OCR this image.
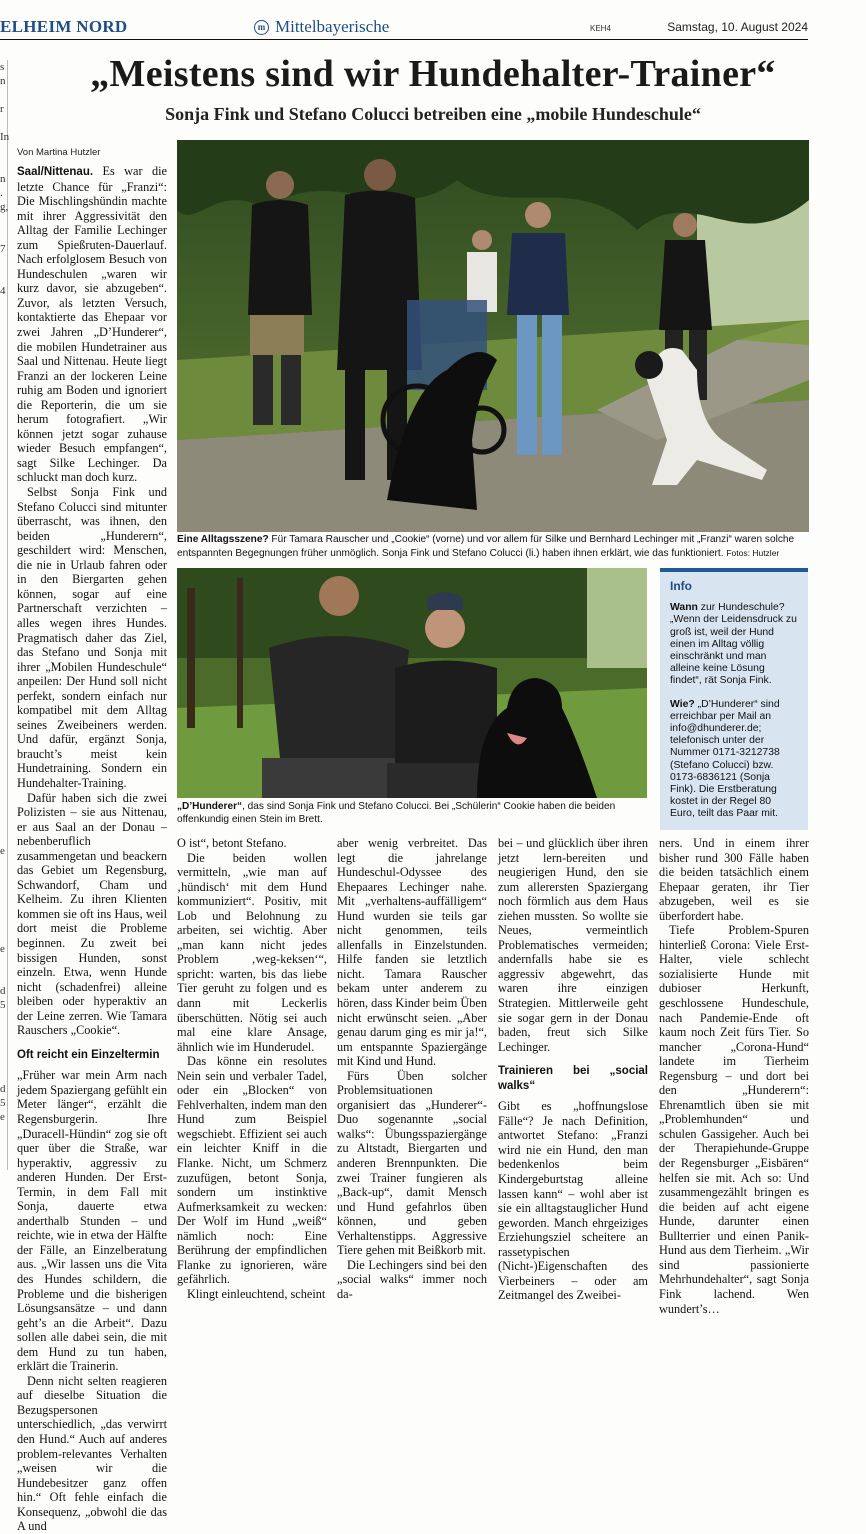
ELHEIM NORD	m Mittelbayerische	KEH4	Samstag, 10. August 2024
s n

r

In

n
.
g,

7

4

e

e

d
5

d
5
e
„Meistens sind wir Hundehalter-Trainer“
Sonja Fink und Stefano Colucci betreiben eine „mobile Hundeschule“
Von Martina Hutzler

Saal/Nittenau. Es war die letzte Chance für „Franzi“: Die Mischlingshündin machte mit ihrer Aggressivität den Alltag der Familie Lechinger zum Spießruten-Dauerlauf. Nach erfolglosem Besuch von Hundeschulen „waren wir kurz davor, sie abzugeben“. Zuvor, als letzten Versuch, kontaktierte das Ehepaar vor zwei Jahren „D’Hunderer“, die mobilen Hundetrainer aus Saal und Nittenau. Heute liegt Franzi an der lockeren Leine ruhig am Boden und ignoriert die Reporterin, die um sie herum fotografiert. „Wir können jetzt sogar zuhause wieder Besuch empfangen“, sagt Silke Lechinger. Da schluckt man doch kurz.

Selbst Sonja Fink und Stefano Colucci sind mitunter überrascht, was ihnen, den beiden „Hunderern“, geschildert wird: Menschen, die nie in Urlaub fahren oder in den Biergarten gehen können, sogar auf eine Partnerschaft verzichten – alles wegen ihres Hundes. Pragmatisch daher das Ziel, das Stefano und Sonja mit ihrer „Mobilen Hundeschule“ anpeilen: Der Hund soll nicht perfekt, sondern einfach nur kompatibel mit dem Alltag seines Zweibeiners werden. Und dafür, ergänzt Sonja, braucht’s meist kein Hundetraining. Sondern ein Hundehalter-Training.

Dafür haben sich die zwei Polizisten – sie aus Nittenau, er aus Saal an der Donau – nebenberuflich zusammengetan und beackern das Gebiet um Regensburg, Schwandorf, Cham und Kelheim. Zu ihren Klienten kommen sie oft ins Haus, weil dort meist die Probleme beginnen. Zu zweit bei bissigen Hunden, sonst einzeln. Etwa, wenn Hunde nicht (schadenfrei) alleine bleiben oder hyperaktiv an der Leine zerren. Wie Tamara Rauschers „Cookie“.

Oft reicht ein Einzeltermin

„Früher war mein Arm nach jedem Spaziergang gefühlt ein Meter länger“, erzählt die Regensburgerin. Ihre „Duracell-Hündin“ zog sie oft quer über die Straße, war hyperaktiv, aggressiv zu anderen Hunden. Der Erst-Termin, in dem Fall mit Sonja, dauerte etwa anderthalb Stunden – und reichte, wie in etwa der Hälfte der Fälle, an Einzelberatung aus. „Wir lassen uns die Vita des Hundes schildern, die Probleme und die bisherigen Lösungsansätze – und dann geht’s an die Arbeit“. Dazu sollen alle dabei sein, die mit dem Hund zu tun haben, erklärt die Trainerin.

Denn nicht selten reagieren auf dieselbe Situation die Bezugspersonen unterschiedlich, „das verwirrt den Hund.“ Auch auf anderes problem-relevantes Verhalten „weisen wir die Hundebesitzer ganz offen hin.“ Oft fehle einfach die Konsequenz, „obwohl die das A und

Eine Alltagsszene? Für Tamara Rauscher und „Cookie“ (vorne) und vor allem für Silke und Bernhard Lechinger mit „Franzi“ waren solche entspannten Begegnungen früher unmöglich. Sonja Fink und Stefano Colucci (li.) haben ihnen erklärt, wie das funktioniert. Fotos: Hutzler
„D’Hunderer“, das sind Sonja Fink und Stefano Colucci. Bei „Schülerin“ Cookie haben die beiden offenkundig einen Stein im Brett.
Info

Wann zur Hundeschule? „Wenn der Leidensdruck zu groß ist, weil der Hund einen im Alltag völlig einschränkt und man alleine keine Lösung findet“, rät Sonja Fink.

Wie? „D’Hunderer“ sind erreichbar per Mail an info@dhunderer.de; telefonisch unter der Nummer 0171-3212738 (Stefano Colucci) bzw. 0173-6836121 (Sonja Fink). Die Erstberatung kostet in der Regel 80 Euro, teilt das Paar mit.

O ist“, betont Stefano.

Die beiden wollen vermitteln, „wie man auf ‚hündisch‘ mit dem Hund kommuniziert“. Positiv, mit Lob und Belohnung zu arbeiten, sei wichtig. Aber „man kann nicht jedes Problem ‚weg-keksen‘“, spricht: warten, bis das liebe Tier geruht zu folgen und es dann mit Leckerlis überschütten. Nötig sei auch mal eine klare Ansage, ähnlich wie im Hunderudel.

Das könne ein resolutes Nein sein und verbaler Tadel, oder ein „Blocken“ von Fehlverhalten, indem man den Hund zum Beispiel wegschiebt. Effizient sei auch ein leichter Kniff in die Flanke. Nicht, um Schmerz zuzufügen, betont Sonja, sondern um instinktive Aufmerksamkeit zu wecken: Der Wolf im Hund „weiß“ nämlich noch: Eine Berührung der empfindlichen Flanke zu ignorieren, wäre gefährlich.

Klingt einleuchtend, scheint

aber wenig verbreitet. Das legt die jahrelange Hundeschul-Odyssee des Ehepaares Lechinger nahe. Mit „verhaltens-auffälligem“ Hund wurden sie teils gar nicht genommen, teils allenfalls in Einzelstunden. Hilfe fanden sie letztlich nicht. Tamara Rauscher bekam unter anderem zu hören, dass Kinder beim Üben nicht erwünscht seien. „Aber genau darum ging es mir ja!“, um entspannte Spaziergänge mit Kind und Hund.

Fürs Üben solcher Problemsituationen organisiert das „Hunderer“-Duo sogenannte „social walks“: Übungsspaziergänge zu Altstadt, Biergarten und anderen Brennpunkten. Die zwei Trainer fungieren als „Back-up“, damit Mensch und Hund gefahrlos üben können, und geben Verhaltenstipps. Aggressive Tiere gehen mit Beißkorb mit.

Die Lechingers sind bei den „social walks“ immer noch da-

bei – und glücklich über ihren jetzt lern-bereiten und neugierigen Hund, den sie zum allerersten Spaziergang noch förmlich aus dem Haus ziehen mussten. So wollte sie Neues, vermeintlich Problematisches vermeiden; andernfalls habe sie es aggressiv abgewehrt, das waren ihre einzigen Strategien. Mittlerweile geht sie sogar gern in der Donau baden, freut sich Silke Lechinger.

Trainieren bei „social walks“

Gibt es „hoffnungslose Fälle“? Je nach Definition, antwortet Stefano: „Franzi wird nie ein Hund, den man bedenkenlos beim Kindergeburtstag alleine lassen kann“ – wohl aber ist sie ein alltagstauglicher Hund geworden. Manch ehrgeiziges Erziehungsziel scheitere an rassetypischen (Nicht-)Eigenschaften des Vierbeiners – oder am Zeitmangel des Zweibei-

ners. Und in einem ihrer bisher rund 300 Fälle haben die beiden tatsächlich einem Ehepaar geraten, ihr Tier abzugeben, weil es sie überfordert habe.

Tiefe Problem-Spuren hinterließ Corona: Viele Erst-Halter, viele schlecht sozialisierte Hunde mit dubioser Herkunft, geschlossene Hundeschule, nach Pandemie-Ende oft kaum noch Zeit fürs Tier. So mancher „Corona-Hund“ landete im Tierheim Regensburg – und dort bei den „Hunderern“: Ehrenamtlich üben sie mit „Problemhunden“ und schulen Gassigeher. Auch bei der Therapiehunde-Gruppe der Regensburger „Eisbären“ helfen sie mit. Ach so: Und zusammengezählt bringen es die beiden auf acht eigene Hunde, darunter einen Bullterrier und einen Panik-Hund aus dem Tierheim. „Wir sind passionierte Mehrhundehalter“, sagt Sonja Fink lachend. Wen wundert’s…
